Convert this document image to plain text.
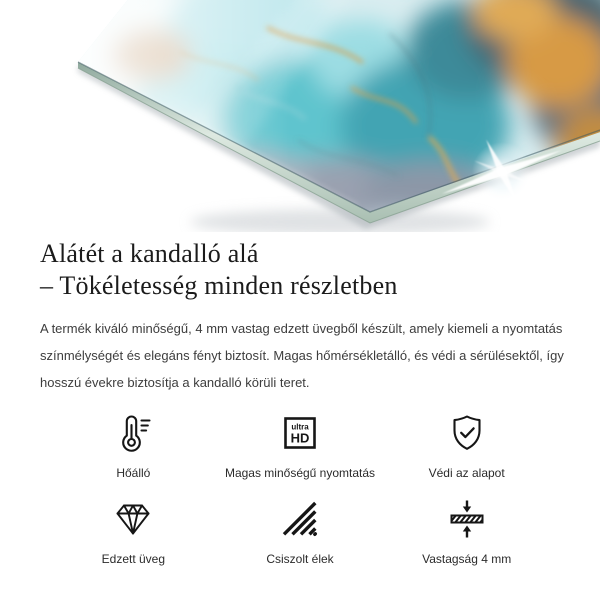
Alátét a kandalló alá
– Tökéletesség minden részletben

A termék kiváló minőségű, 4 mm vastag edzett üvegből készült, amely kiemeli a nyomtatás
színmélységét és elegáns fényt biztosít. Magas hőmérsékletálló, és védi a sérülésektől, így
hosszú évekre biztosítja a kandalló körüli teret.

Hőálló
ultra
HD
Magas minőségű nyomtatás	Védi az alapot
Edzett üveg	Csiszolt élek	Vastagság 4 mm
